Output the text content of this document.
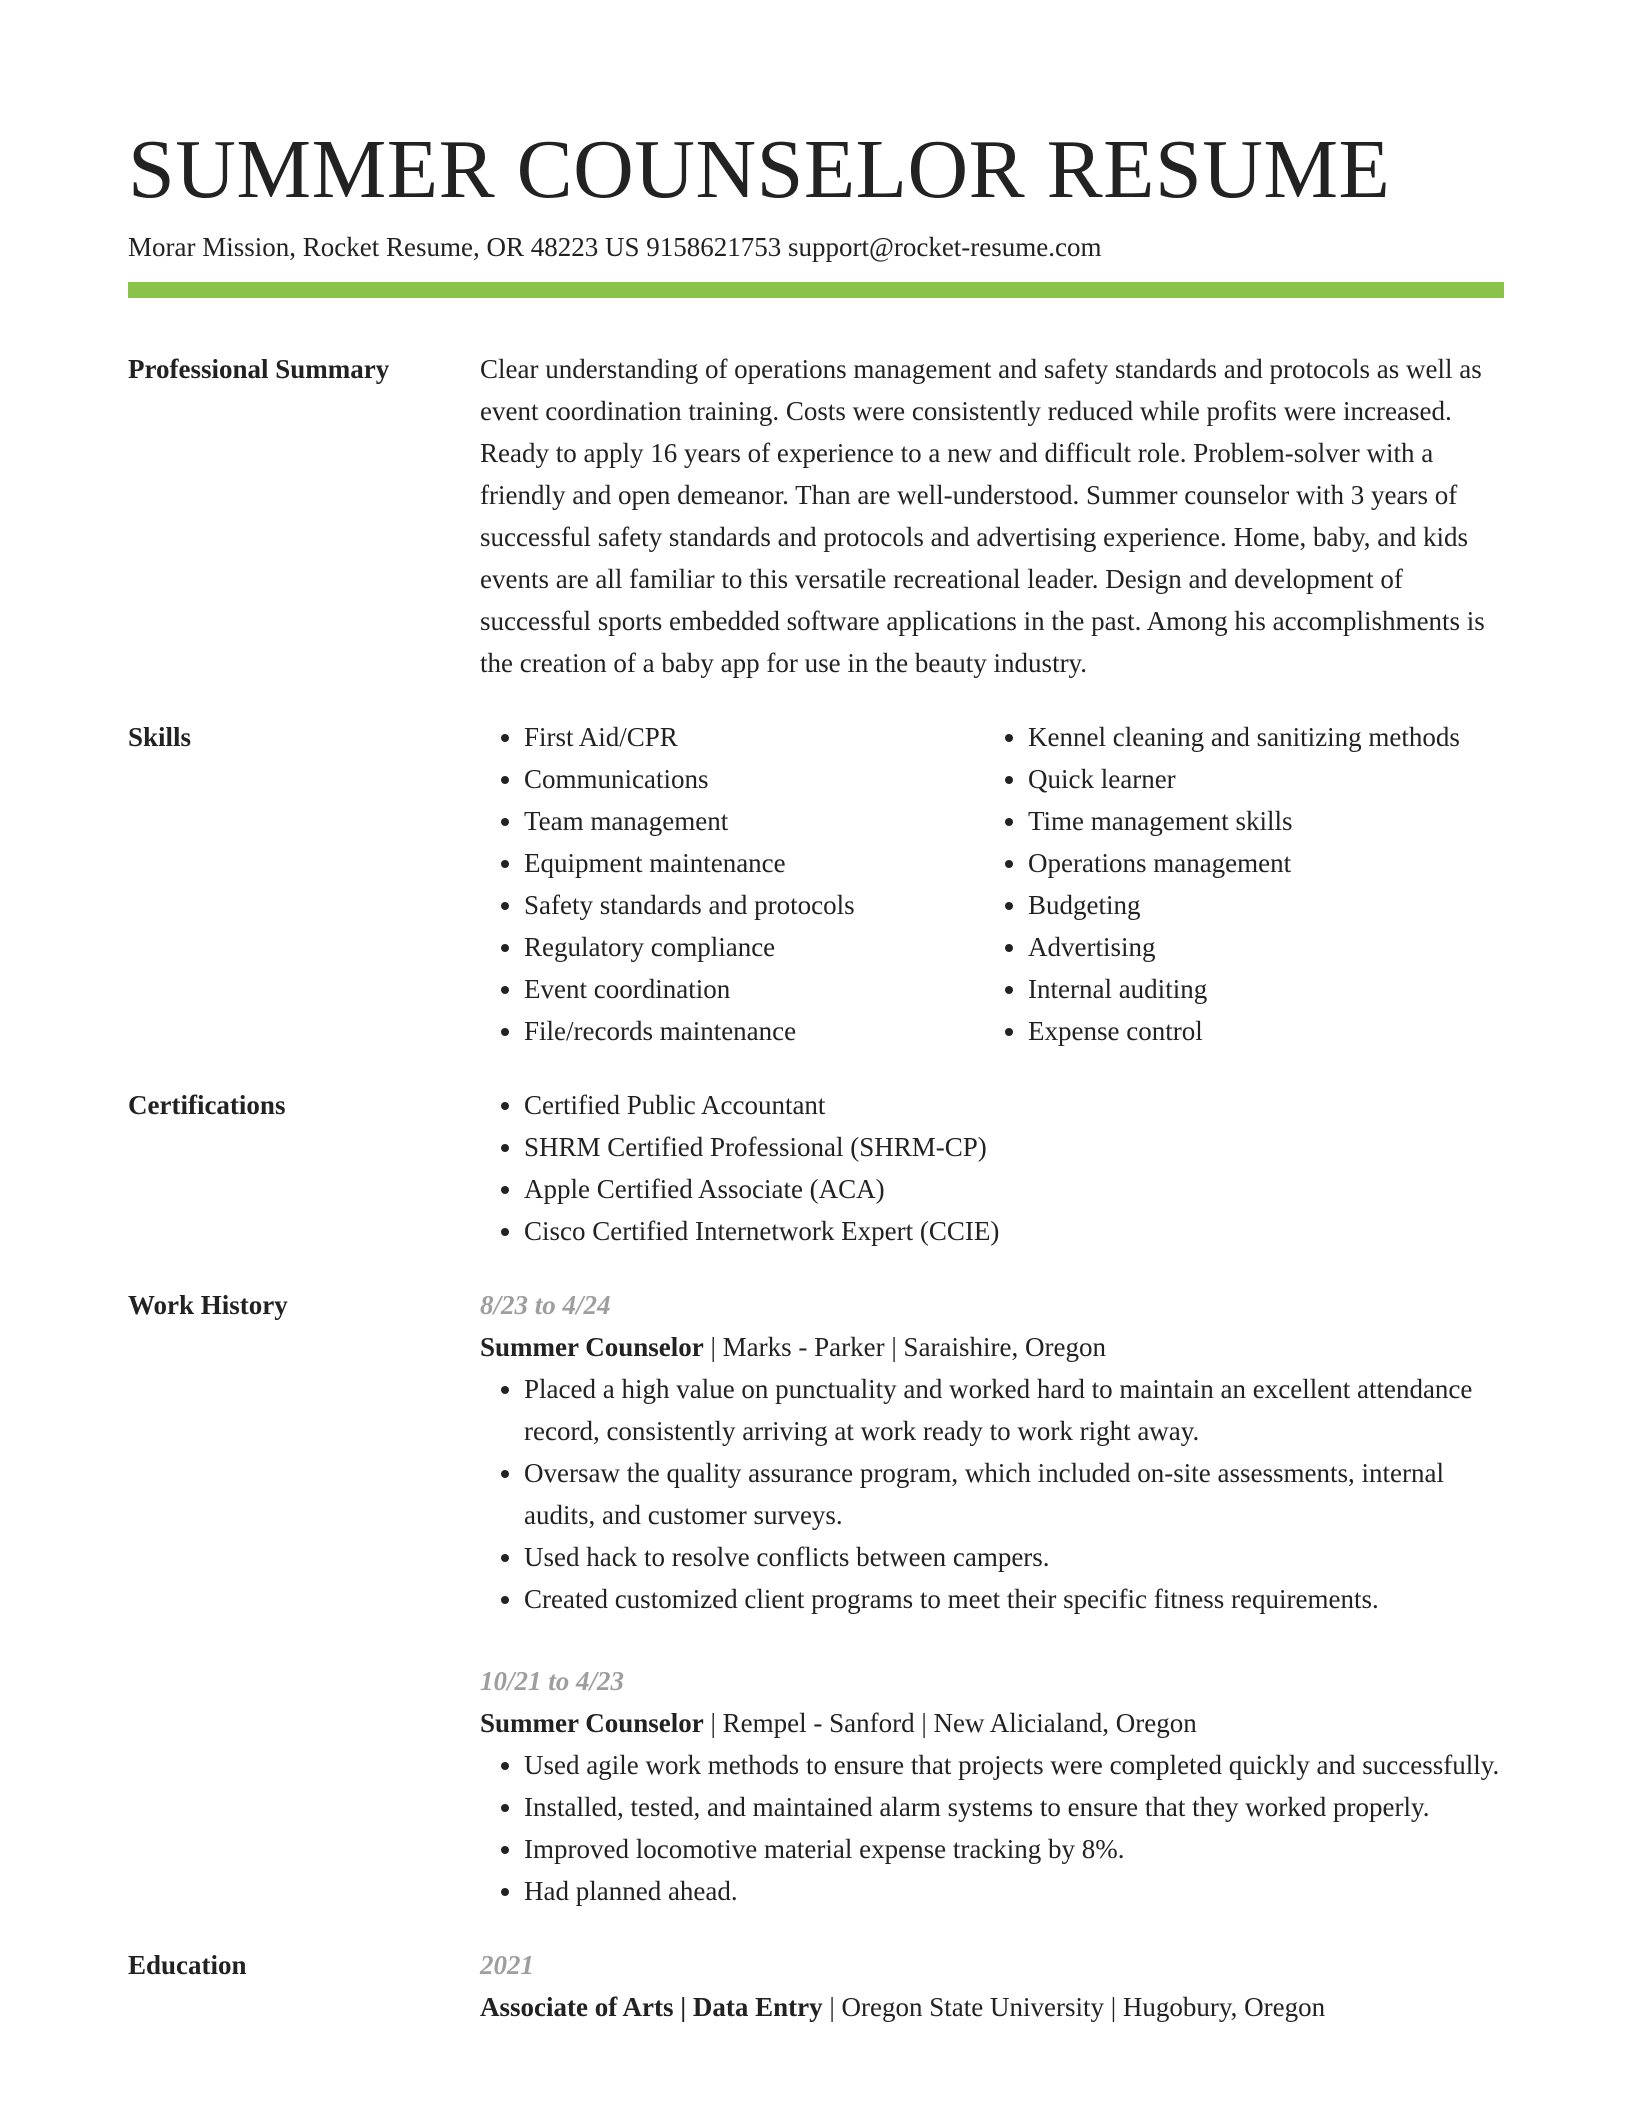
SUMMER COUNSELOR RESUME
Morar Mission, Rocket Resume, OR 48223 US 9158621753 support@rocket-resume.com
Professional Summary	Clear understanding of operations management and safety standards and protocols as well as event coordination training. Costs were consistently reduced while profits were increased. Ready to apply 16 years of experience to a new and difficult role. Problem-solver with a friendly and open demeanor. Than are well-understood. Summer counselor with 3 years of successful safety standards and protocols and advertising experience. Home, baby, and kids events are all familiar to this versatile recreational leader. Design and development of successful sports embedded software applications in the past. Among his accomplishments is the creation of a baby app for use in the beauty industry.

Skills	• First Aid/CPR
• Communications
• Team management
• Equipment maintenance
• Safety standards and protocols
• Regulatory compliance
• Event coordination
• File/records maintenance
• Kennel cleaning and sanitizing methods
• Quick learner
• Time management skills
• Operations management
• Budgeting
• Advertising
• Internal auditing
• Expense control
Certifications	• Certified Public Accountant
• SHRM Certified Professional (SHRM-CP)
• Apple Certified Associate (ACA)
• Cisco Certified Internetwork Expert (CCIE)
Work History	8/23 to 4/24
Summer Counselor | Marks - Parker | Saraishire, Oregon
• Placed a high value on punctuality and worked hard to maintain an excellent attendance record, consistently arriving at work ready to work right away.
• Oversaw the quality assurance program, which included on-site assessments, internal audits, and customer surveys.
• Used hack to resolve conflicts between campers.
• Created customized client programs to meet their specific fitness requirements.
10/21 to 4/23
Summer Counselor | Rempel - Sanford | New Alicialand, Oregon
• Used agile work methods to ensure that projects were completed quickly and successfully.
• Installed, tested, and maintained alarm systems to ensure that they worked properly.
• Improved locomotive material expense tracking by 8%.
• Had planned ahead.
Education	2021
Associate of Arts | Data Entry | Oregon State University | Hugobury, Oregon
